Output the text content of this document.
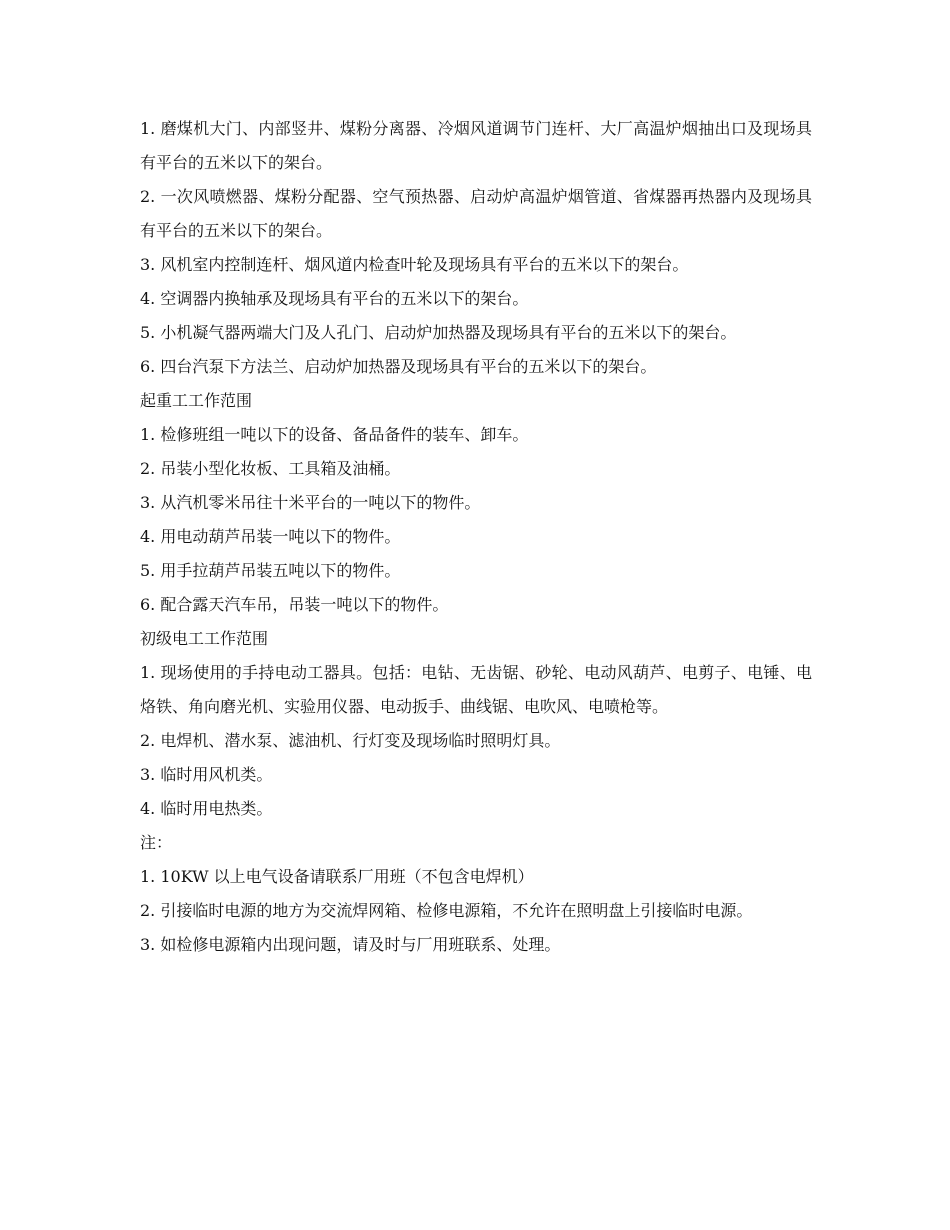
1. 磨煤机大门、内部竖井、煤粉分离器、冷烟风道调节门连杆、大厂高温炉烟抽出口及现场具有平台的五米以下的架台。
2. 一次风喷燃器、煤粉分配器、空气预热器、启动炉高温炉烟管道、省煤器再热器内及现场具有平台的五米以下的架台。
3. 风机室内控制连杆、烟风道内检查叶轮及现场具有平台的五米以下的架台。
4. 空调器内换轴承及现场具有平台的五米以下的架台。
5. 小机凝气器两端大门及人孔门、启动炉加热器及现场具有平台的五米以下的架台。
6. 四台汽泵下方法兰、启动炉加热器及现场具有平台的五米以下的架台。
起重工工作范围
1. 检修班组一吨以下的设备、备品备件的装车、卸车。
2. 吊装小型化妆板、工具箱及油桶。
3. 从汽机零米吊往十米平台的一吨以下的物件。
4. 用电动葫芦吊装一吨以下的物件。
5. 用手拉葫芦吊装五吨以下的物件。
6. 配合露天汽车吊，吊装一吨以下的物件。
初级电工工作范围
1. 现场使用的手持电动工器具。包括：电钻、无齿锯、砂轮、电动风葫芦、电剪子、电锤、电烙铁、角向磨光机、实验用仪器、电动扳手、曲线锯、电吹风、电喷枪等。
2. 电焊机、潜水泵、滤油机、行灯变及现场临时照明灯具。
3. 临时用风机类。
4. 临时用电热类。
注：
1. 10KW 以上电气设备请联系厂用班（不包含电焊机）
2. 引接临时电源的地方为交流焊网箱、检修电源箱，不允许在照明盘上引接临时电源。
3. 如检修电源箱内出现问题，请及时与厂用班联系、处理。
